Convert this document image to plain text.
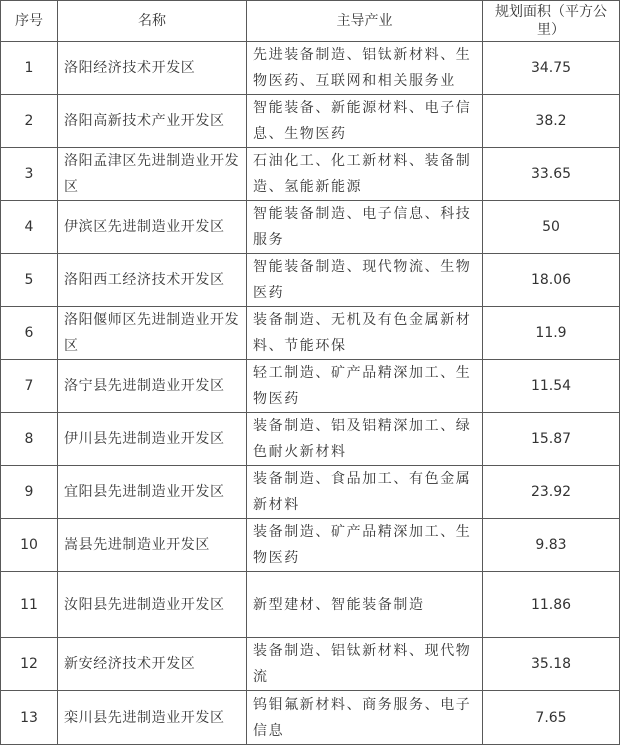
序号	名称	主导产业	规划面积（平方公里）
1	洛阳经济技术开发区	先进装备制造、铝钛新材料、生物医药、互联网和相关服务业	34.75
2	洛阳高新技术产业开发区	智能装备、新能源材料、电子信息、生物医药	38.2
3	洛阳孟津区先进制造业开发区	石油化工、化工新材料、装备制造、氢能新能源	33.65
4	伊滨区先进制造业开发区	智能装备制造、电子信息、科技服务	50
5	洛阳西工经济技术开发区	智能装备制造、现代物流、生物医药	18.06
6	洛阳偃师区先进制造业开发区	装备制造、无机及有色金属新材料、节能环保	11.9
7	洛宁县先进制造业开发区	轻工制造、矿产品精深加工、生物医药	11.54
8	伊川县先进制造业开发区	装备制造、铝及铝精深加工、绿色耐火新材料	15.87
9	宜阳县先进制造业开发区	装备制造、食品加工、有色金属新材料	23.92
10	嵩县先进制造业开发区	装备制造、矿产品精深加工、生物医药	9.83
11	汝阳县先进制造业开发区	新型建材、智能装备制造	11.86
12	新安经济技术开发区	装备制造、铝钛新材料、现代物流	35.18
13	栾川县先进制造业开发区	钨钼氟新材料、商务服务、电子信息	7.65
